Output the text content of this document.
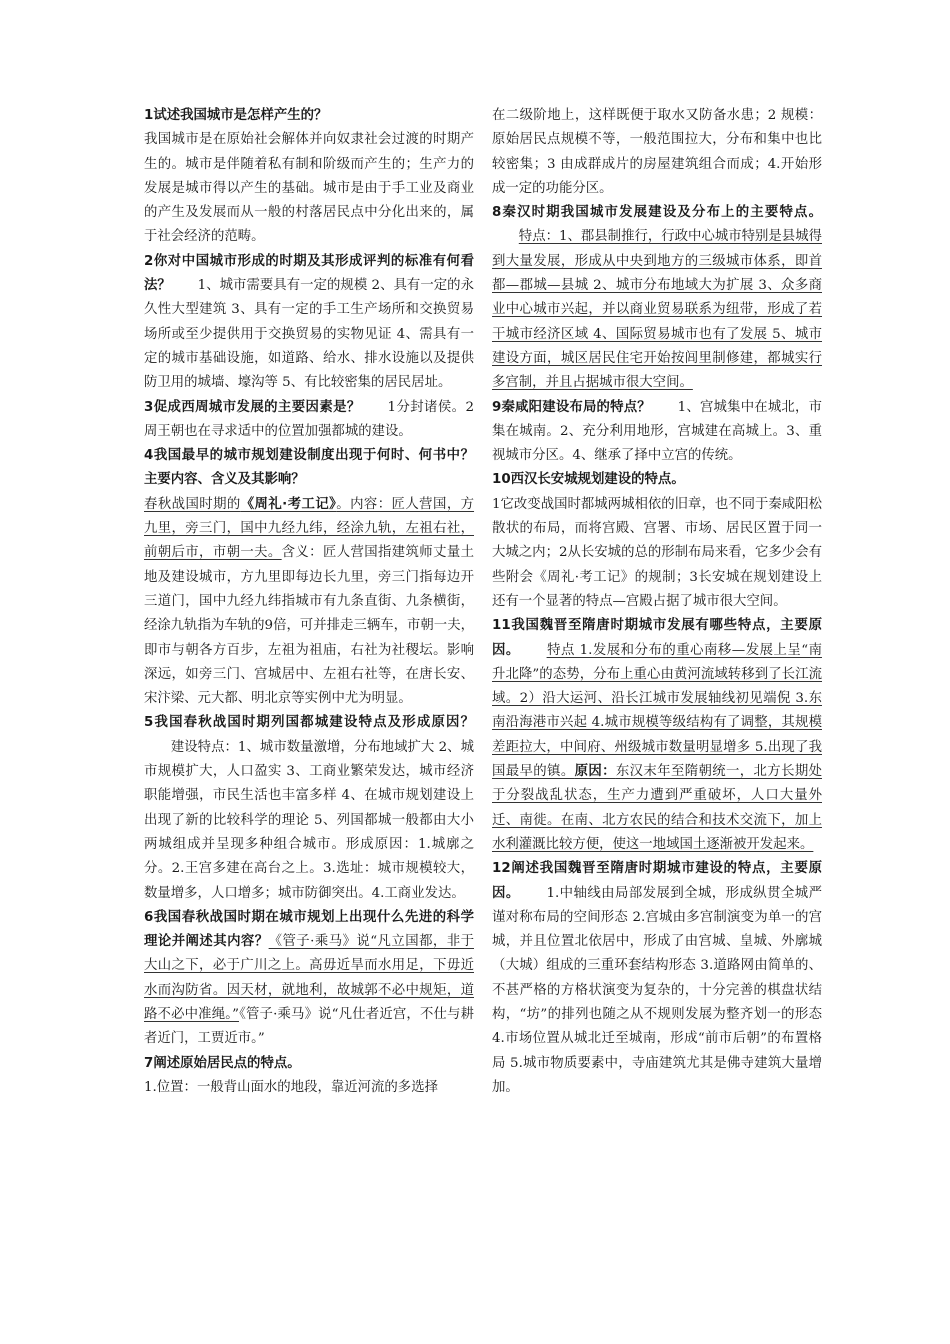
1试述我国城市是怎样产生的？
我国城市是在原始社会解体并向奴隶社会过渡的时期产生的。城市是伴随着私有制和阶级而产生的；生产力的发展是城市得以产生的基础。城市是由于手工业及商业的产生及发展而从一般的村落居民点中分化出来的，属于社会经济的范畴。

2你对中国城市形成的时期及其形成评判的标准有何看法？ 1、城市需要具有一定的规模 2、具有一定的永久性大型建筑 3、具有一定的手工生产场所和交换贸易场所或至少提供用于交换贸易的实物见证 4、需具有一定的城市基础设施，如道路、给水、排水设施以及提供防卫用的城墙、壕沟等 5、有比较密集的居民居址。

3促成西周城市发展的主要因素是？ 1分封诸侯。2周王朝也在寻求适中的位置加强都城的建设。

4我国最早的城市规划建设制度出现于何时、何书中？主要内容、含义及其影响？
春秋战国时期的《周礼·考工记》。内容：匠人营国，方九里，旁三门，国中九经九纬，经涂九轨，左祖右社，前朝后市，市朝一夫。含义：匠人营国指建筑师丈量土地及建设城市，方九里即每边长九里，旁三门指每边开三道门，国中九经九纬指城市有九条直街、九条横街，经涂九轨指为车轨的9倍，可并排走三辆车，市朝一夫，即市与朝各方百步，左祖为祖庙，右社为社稷坛。影响深远，如旁三门、宫城居中、左祖右社等，在唐长安、宋汴梁、元大都、明北京等实例中尤为明显。

5我国春秋战国时期列国都城建设特点及形成原因？建设特点：1、城市数量激增，分布地域扩大 2、城市规模扩大，人口盈实 3、工商业繁荣发达，城市经济职能增强，市民生活也丰富多样 4、在城市规划建设上出现了新的比较科学的理论 5、列国都城一般都由大小两城组成并呈现多种组合城市。形成原因：1.城廓之分。2.王宫多建在高台之上。3.选址：城市规模较大，数量增多，人口增多；城市防御突出。4.工商业发达。

6我国春秋战国时期在城市规划上出现什么先进的科学理论并阐述其内容？《管子·乘马》说“凡立国都，非于大山之下，必于广川之上。高毋近旱而水用足，下毋近水而沟防省。因天材，就地利，故城郭不必中规矩，道路不必中准绳。”《管子·乘马》说“凡仕者近宫，不仕与耕者近门，工贾近市。”

7阐述原始居民点的特点。
1.位置：一般背山面水的地段，靠近河流的多选择

在二级阶地上，这样既便于取水又防备水患；2 规模：原始居民点规模不等，一般范围拉大，分布和集中也比较密集；3 由成群成片的房屋建筑组合而成；4.开始形成一定的功能分区。

8秦汉时期我国城市发展建设及分布上的主要特点。特点：1、郡县制推行，行政中心城市特别是县城得到大量发展，形成从中央到地方的三级城市体系，即首都—郡城—县城 2、城市分布地域大为扩展 3、众多商业中心城市兴起，并以商业贸易联系为纽带，形成了若干城市经济区域 4、国际贸易城市也有了发展 5、城市建设方面，城区居民住宅开始按闾里制修建，都城实行多宫制，并且占据城市很大空间。

9秦咸阳建设布局的特点？ 1、宫城集中在城北，市集在城南。2、充分利用地形，宫城建在高城上。3、重视城市分区。4、继承了择中立宫的传统。

10西汉长安城规划建设的特点。
1它改变战国时都城两城相依的旧章，也不同于秦咸阳松散状的布局，而将宫殿、宫署、市场、居民区置于同一大城之内；2从长安城的总的形制布局来看，它多少会有些附会《周礼·考工记》的规制；3长安城在规划建设上还有一个显著的特点—宫殿占据了城市很大空间。

11我国魏晋至隋唐时期城市发展有哪些特点，主要原因。 特点 1.发展和分布的重心南移—发展上呈“南升北降”的态势，分布上重心由黄河流域转移到了长江流域。2）沿大运河、沿长江城市发展轴线初见端倪 3.东南沿海港市兴起 4.城市规模等级结构有了调整，其规模差距拉大，中间府、州级城市数量明显增多 5.出现了我国最早的镇。原因：东汉末年至隋朝统一，北方长期处于分裂战乱状态，生产力遭到严重破坏，人口大量外迁、南徙。在南、北方农民的结合和技术交流下，加上水利灌溉比较方便，使这一地域国土逐渐被开发起来。

12阐述我国魏晋至隋唐时期城市建设的特点，主要原因。 1.中轴线由局部发展到全城，形成纵贯全城严谨对称布局的空间形态 2.宫城由多宫制演变为单一的宫城，并且位置北依居中，形成了由宫城、皇城、外廓城（大城）组成的三重环套结构形态 3.道路网由简单的、不甚严格的方格状演变为复杂的，十分完善的棋盘状结构，“坊”的排列也随之从不规则发展为整齐划一的形态 4.市场位置从城北迁至城南，形成“前市后朝”的布置格局 5.城市物质要素中，寺庙建筑尤其是佛寺建筑大量增加。
